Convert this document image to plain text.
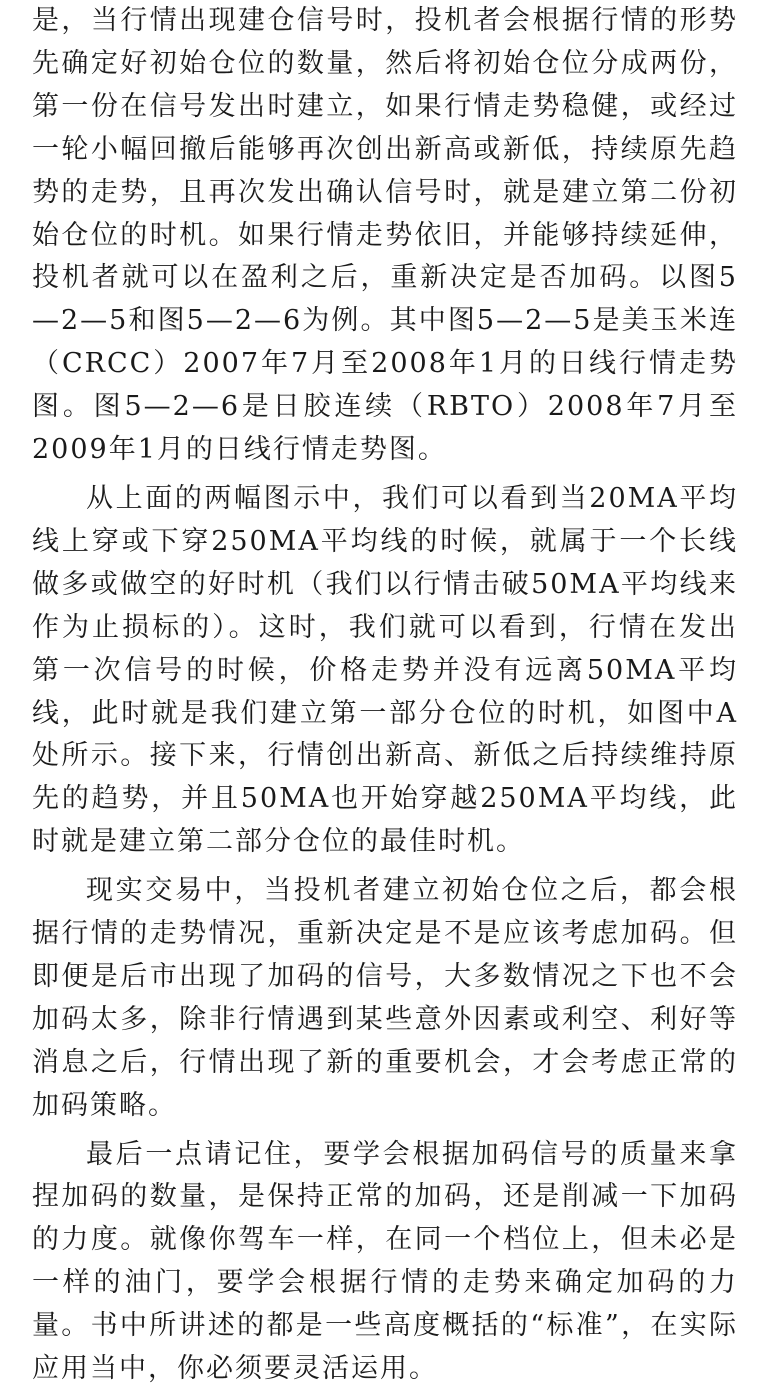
是，当行情出现建仓信号时，投机者会根据行情的形势先确定好初始仓位的数量，然后将初始仓位分成两份，第一份在信号发出时建立，如果行情走势稳健，或经过一轮小幅回撤后能够再次创出新高或新低，持续原先趋势的走势，且再次发出确认信号时，就是建立第二份初始仓位的时机。如果行情走势依旧，并能够持续延伸，投机者就可以在盈利之后，重新决定是否加码。以图5—2—5和图5—2—6为例。其中图5—2—5是美玉米连（CRCC）2007年7月至2008年1月的日线行情走势图。图5—2—6是日胶连续（RBTO）2008年7月至2009年1月的日线行情走势图。

从上面的两幅图示中，我们可以看到当20MA平均线上穿或下穿250MA平均线的时候，就属于一个长线做多或做空的好时机（我们以行情击破50MA平均线来作为止损标的）。这时，我们就可以看到，行情在发出第一次信号的时候，价格走势并没有远离50MA平均线，此时就是我们建立第一部分仓位的时机，如图中A处所示。接下来，行情创出新高、新低之后持续维持原先的趋势，并且50MA也开始穿越250MA平均线，此时就是建立第二部分仓位的最佳时机。

现实交易中，当投机者建立初始仓位之后，都会根据行情的走势情况，重新决定是不是应该考虑加码。但即便是后市出现了加码的信号，大多数情况之下也不会加码太多，除非行情遇到某些意外因素或利空、利好等消息之后，行情出现了新的重要机会，才会考虑正常的加码策略。

最后一点请记住，要学会根据加码信号的质量来拿捏加码的数量，是保持正常的加码，还是削减一下加码的力度。就像你驾车一样，在同一个档位上，但未必是一样的油门，要学会根据行情的走势来确定加码的力量。书中所讲述的都是一些高度概括的“标准”，在实际应用当中，你必须要灵活运用。
